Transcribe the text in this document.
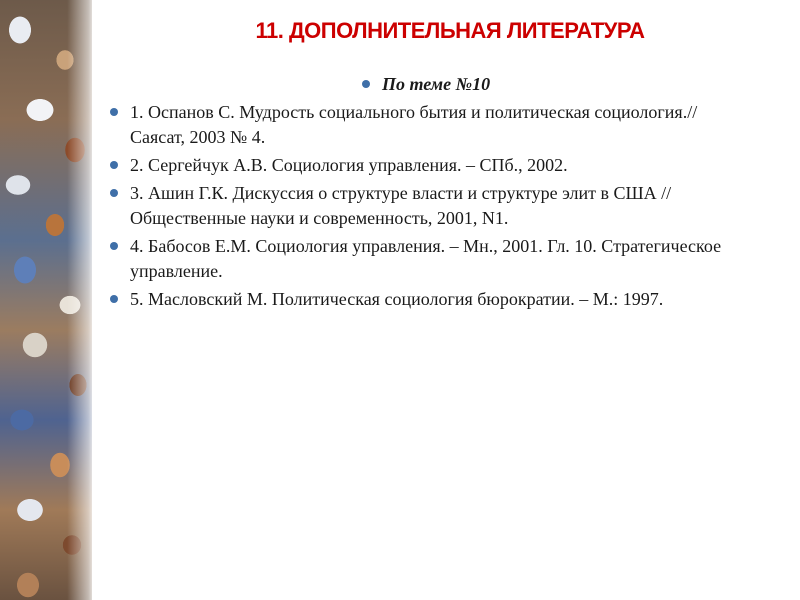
11. ДОПОЛНИТЕЛЬНАЯ ЛИТЕРАТУРА
По теме №10
1. Оспанов С. Мудрость социального бытия и политическая социология.// Саясат, 2003 № 4.
2. Сергейчук А.В. Социология управления. – СПб., 2002.
3. Ашин Г.К. Дискуссия о структуре власти и структуре элит в США // Общественные науки и современность, 2001, N1.
4. Бабосов Е.М. Социология управления. – Мн., 2001. Гл. 10. Стратегическое управление.
5. Масловский М. Политическая социология бюрократии. – М.: 1997.
